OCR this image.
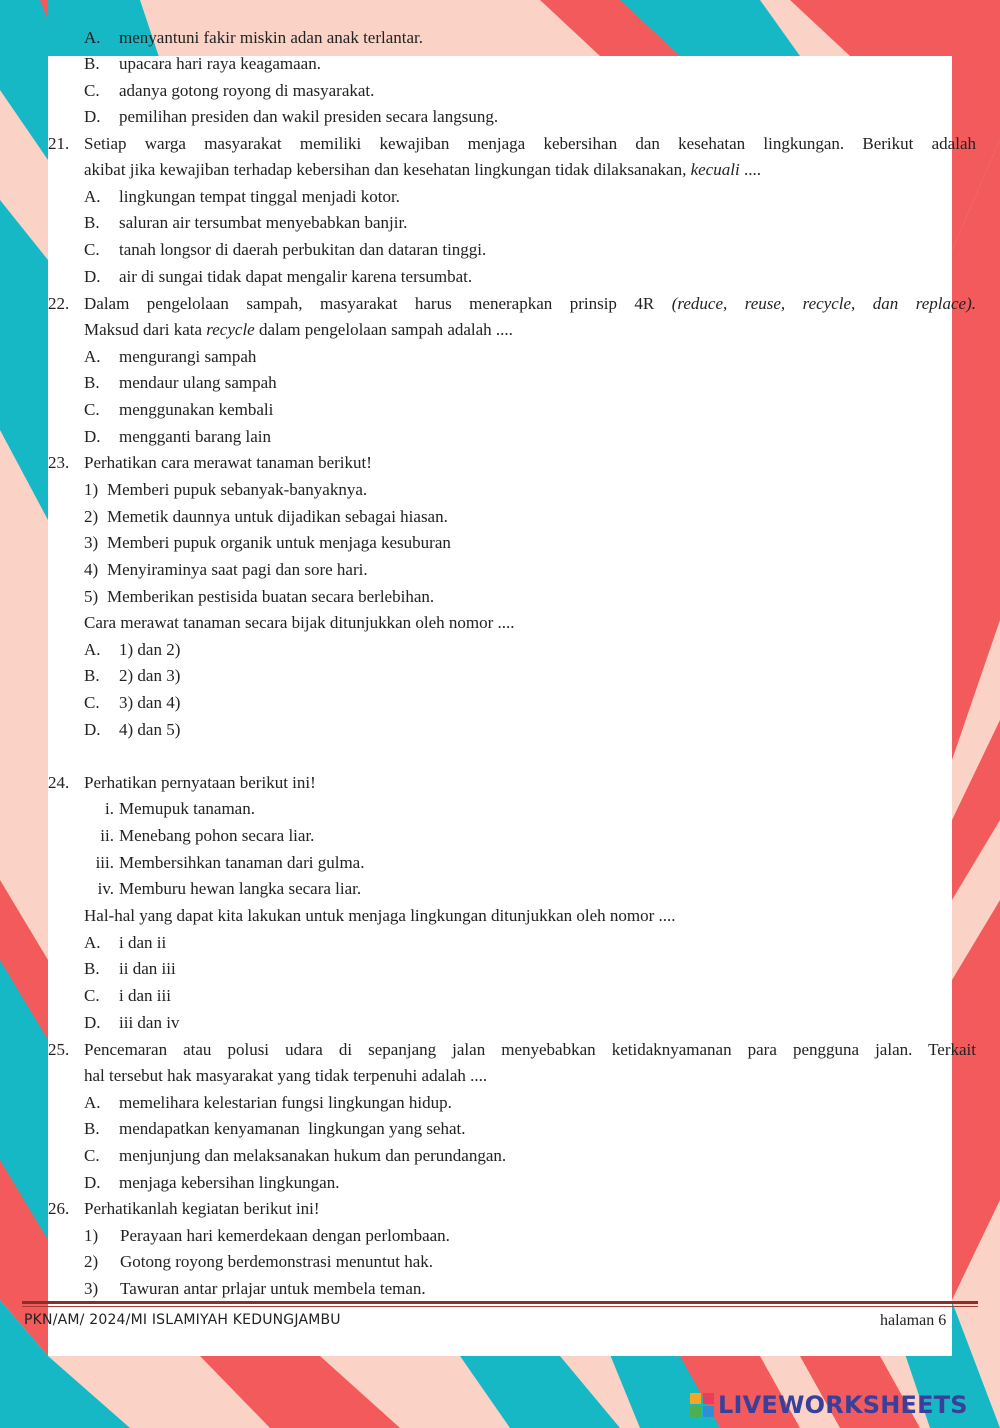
A. menyantuni fakir miskin adan anak terlantar.
B. upacara hari raya keagamaan.
C. adanya gotong royong di masyarakat.
D. pemilihan presiden dan wakil presiden secara langsung.
21. Setiap warga masyarakat memiliki kewajiban menjaga kebersihan dan kesehatan lingkungan. Berikut adalah
akibat jika kewajiban terhadap kebersihan dan kesehatan lingkungan tidak dilaksanakan, kecuali ....
A. lingkungan tempat tinggal menjadi kotor.
B. saluran air tersumbat menyebabkan banjir.
C. tanah longsor di daerah perbukitan dan dataran tinggi.
D. air di sungai tidak dapat mengalir karena tersumbat.
22. Dalam pengelolaan sampah, masyarakat harus menerapkan prinsip 4R (reduce, reuse, recycle, dan replace).
Maksud dari kata recycle dalam pengelolaan sampah adalah ....
A. mengurangi sampah
B. mendaur ulang sampah
C. menggunakan kembali
D. mengganti barang lain
23. Perhatikan cara merawat tanaman berikut!
1) Memberi pupuk sebanyak-banyaknya.
2) Memetik daunnya untuk dijadikan sebagai hiasan.
3) Memberi pupuk organik untuk menjaga kesuburan
4) Menyiraminya saat pagi dan sore hari.
5) Memberikan pestisida buatan secara berlebihan.
Cara merawat tanaman secara bijak ditunjukkan oleh nomor ....
A. 1) dan 2)
B. 2) dan 3)
C. 3) dan 4)
D. 4) dan 5)
24. Perhatikan pernyataan berikut ini!
i. Memupuk tanaman.
ii. Menebang pohon secara liar.
iii. Membersihkan tanaman dari gulma.
iv. Memburu hewan langka secara liar.
Hal-hal yang dapat kita lakukan untuk menjaga lingkungan ditunjukkan oleh nomor ....
A. i dan ii
B. ii dan iii
C. i dan iii
D. iii dan iv
25. Pencemaran atau polusi udara di sepanjang jalan menyebabkan ketidaknyamanan para pengguna jalan. Terkait
hal tersebut hak masyarakat yang tidak terpenuhi adalah ....
A. memelihara kelestarian fungsi lingkungan hidup.
B. mendapatkan kenyamanan  lingkungan yang sehat.
C. menjunjung dan melaksanakan hukum dan perundangan.
D. menjaga kebersihan lingkungan.
26. Perhatikanlah kegiatan berikut ini!
1) Perayaan hari kemerdekaan dengan perlombaan.
2) Gotong royong berdemonstrasi menuntut hak.
3) Tawuran antar prlajar untuk membela teman.
PKN/AM/ 2024/MI ISLAMIYAH KEDUNGJAMBU	halaman 6
LIVEWORKSHEETS
